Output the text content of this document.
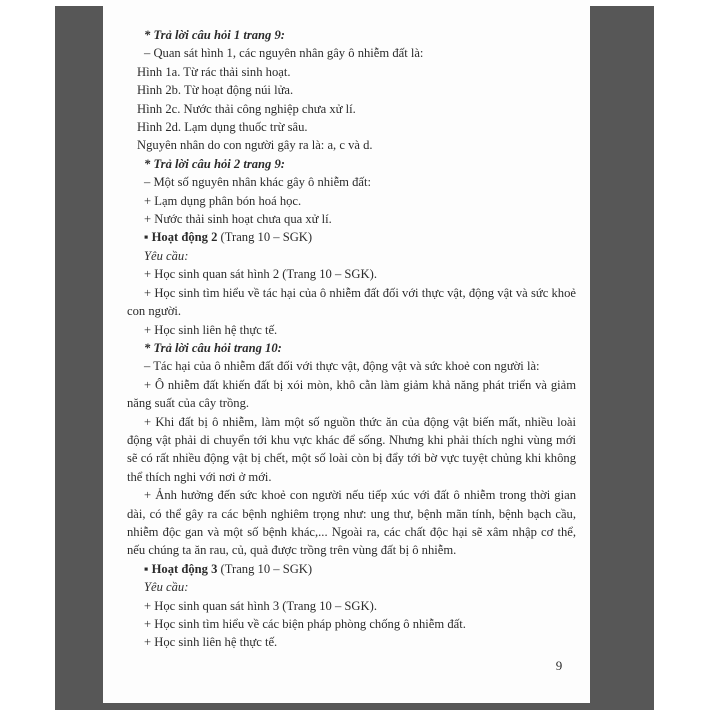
* Trả lời câu hỏi 1 trang 9:

– Quan sát hình 1, các nguyên nhân gây ô nhiễm đất là:

Hình 1a. Từ rác thải sinh hoạt.

Hình 2b. Từ hoạt động núi lửa.

Hình 2c. Nước thải công nghiệp chưa xử lí.

Hình 2d. Lạm dụng thuốc trừ sâu.

Nguyên nhân do con người gây ra là: a, c và d.

* Trả lời câu hỏi 2 trang 9:

– Một số nguyên nhân khác gây ô nhiễm đất:

+ Lạm dụng phân bón hoá học.

+ Nước thải sinh hoạt chưa qua xử lí.

▪ Hoạt động 2 (Trang 10 – SGK)

Yêu cầu:

+ Học sinh quan sát hình 2 (Trang 10 – SGK).

+ Học sinh tìm hiểu về tác hại của ô nhiễm đất đối với thực vật, động vật và sức khoẻ con người.

+ Học sinh liên hệ thực tế.

* Trả lời câu hỏi trang 10:

– Tác hại của ô nhiễm đất đối với thực vật, động vật và sức khoẻ con người là:

+ Ô nhiễm đất khiến đất bị xói mòn, khô cằn làm giảm khả năng phát triển và giảm năng suất của cây trồng.

+ Khi đất bị ô nhiễm, làm một số nguồn thức ăn của động vật biến mất, nhiều loài động vật phải di chuyển tới khu vực khác để sống. Nhưng khi phải thích nghi vùng mới sẽ có rất nhiều động vật bị chết, một số loài còn bị đẩy tới bờ vực tuyệt chủng khi không thể thích nghi với nơi ở mới.

+ Ảnh hưởng đến sức khoẻ con người nếu tiếp xúc với đất ô nhiễm trong thời gian dài, có thể gây ra các bệnh nghiêm trọng như: ung thư, bệnh mãn tính, bệnh bạch cầu, nhiễm độc gan và một số bệnh khác,... Ngoài ra, các chất độc hại sẽ xâm nhập cơ thể, nếu chúng ta ăn rau, củ, quả được trồng trên vùng đất bị ô nhiễm.

▪ Hoạt động 3 (Trang 10 – SGK)

Yêu cầu:

+ Học sinh quan sát hình 3 (Trang 10 – SGK).

+ Học sinh tìm hiểu về các biện pháp phòng chống ô nhiễm đất.

+ Học sinh liên hệ thực tế.

9
